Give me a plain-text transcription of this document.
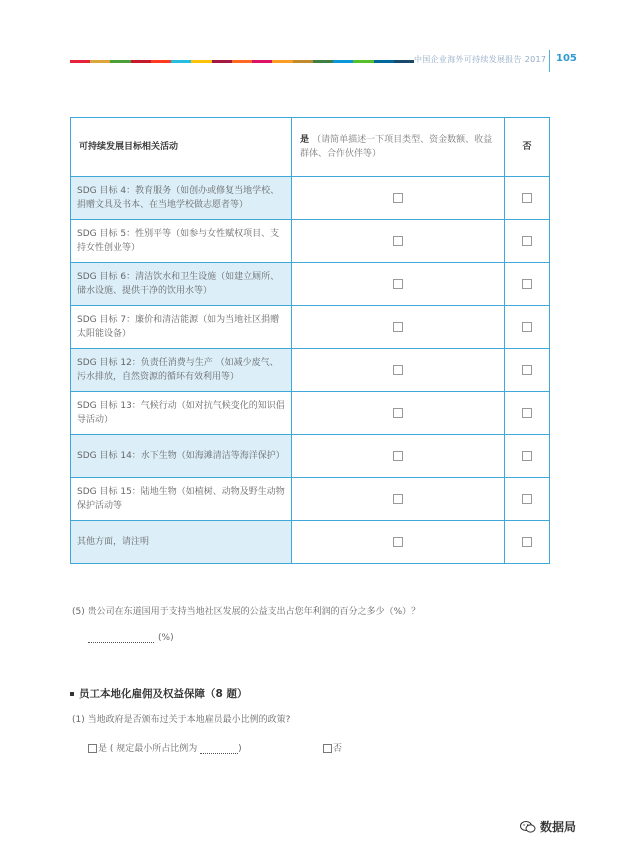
中国企业海外可持续发展报告 2017 105
可持续发展目标相关活动	是 （请简单描述一下项目类型、资金数额、收益群体、合作伙伴等）	否
SDG 目标 4：教育服务（如创办或修复当地学校、捐赠文具及书本、在当地学校做志愿者等）		
SDG 目标 5：性别平等（如参与女性赋权项目、支持女性创业等）		
SDG 目标 6：清洁饮水和卫生设施（如建立厕所、储水设施、提供干净的饮用水等）		
SDG 目标 7：廉价和清洁能源（如为当地社区捐赠太阳能设备）		
SDG 目标 12：负责任消费与生产 （如减少废气、污水排放，自然资源的循环有效利用等）		
SDG 目标 13：气候行动（如对抗气候变化的知识倡导活动）		
SDG 目标 14：水下生物（如海滩清洁等海洋保护）		
SDG 目标 15：陆地生物（如植树、动物及野生动物保护活动等		
其他方面，请注明		
(5) 贵公司在东道国用于支持当地社区发展的公益支出占您年利润的百分之多少（%）？
(%)
员工本地化雇佣及权益保障（8 题）
(1) 当地政府是否颁布过关于本地雇员最小比例的政策?
是 ( 规定最小所占比例为	)	否
数据局
